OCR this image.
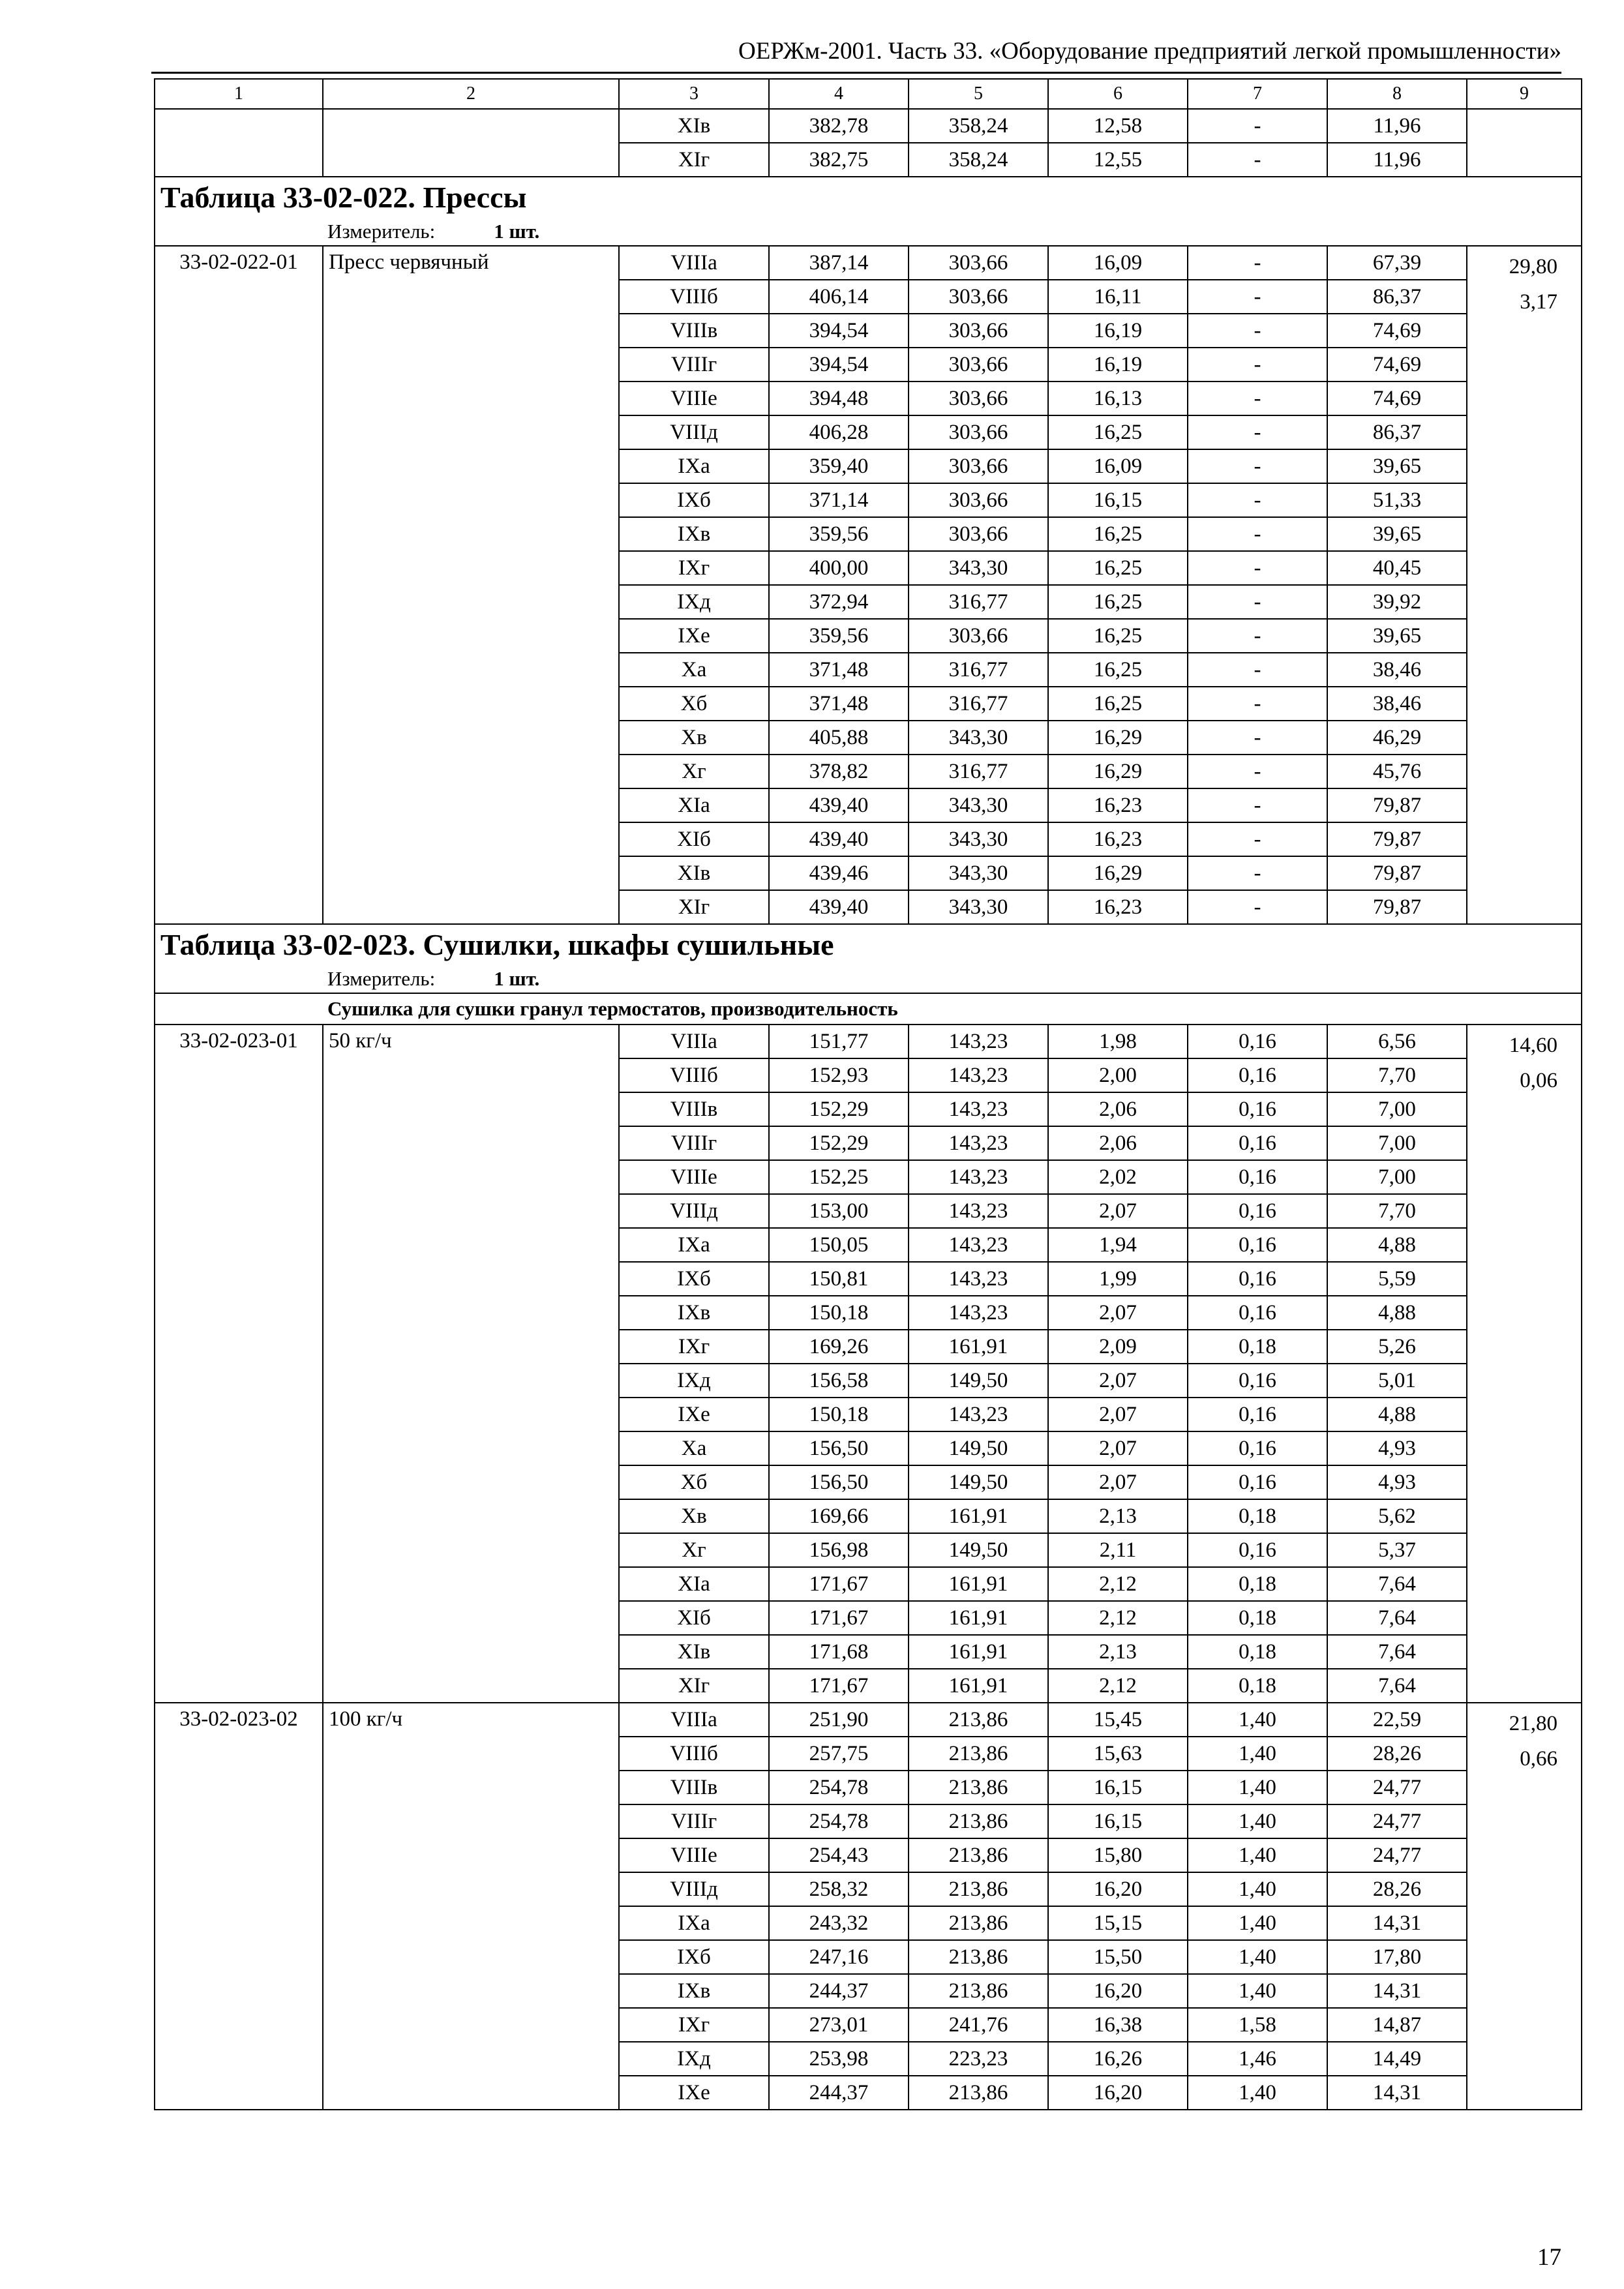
ОЕРЖм-2001. Часть 33. «Оборудование предприятий легкой промышленности»
1	2	3	4	5	6	7	8	9
		XIв	382,78	358,24	12,58	-	11,96	
		XIг	382,75	358,24	12,55	-	11,96	
Таблица 33-02-022. Прессы								
Измеритель: 1 шт.								
33-02-022-01	Пресс червячный	VIIIа	387,14	303,66	16,09	-	67,39	29,80
3,17

		VIIIб	406,14	303,66	16,11	-	86,37	
		VIIIв	394,54	303,66	16,19	-	74,69	
		VIIIг	394,54	303,66	16,19	-	74,69	
		VIIIе	394,48	303,66	16,13	-	74,69	
		VIIIд	406,28	303,66	16,25	-	86,37	
		IXа	359,40	303,66	16,09	-	39,65	
		IXб	371,14	303,66	16,15	-	51,33	
		IXв	359,56	303,66	16,25	-	39,65	
		IXг	400,00	343,30	16,25	-	40,45	
		IXд	372,94	316,77	16,25	-	39,92	
		IXе	359,56	303,66	16,25	-	39,65	
		Xа	371,48	316,77	16,25	-	38,46	
		Xб	371,48	316,77	16,25	-	38,46	
		Xв	405,88	343,30	16,29	-	46,29	
		Xг	378,82	316,77	16,29	-	45,76	
		XIа	439,40	343,30	16,23	-	79,87	
		XIб	439,40	343,30	16,23	-	79,87	
		XIв	439,46	343,30	16,29	-	79,87	
		XIг	439,40	343,30	16,23	-	79,87	
Таблица 33-02-023. Сушилки, шкафы сушильные								
Измеритель: 1 шт.								
Сушилка для сушки гранул термостатов, производительность								
33-02-023-01	50 кг/ч	VIIIа	151,77	143,23	1,98	0,16	6,56	14,60
0,06

		VIIIб	152,93	143,23	2,00	0,16	7,70	
		VIIIв	152,29	143,23	2,06	0,16	7,00	
		VIIIг	152,29	143,23	2,06	0,16	7,00	
		VIIIе	152,25	143,23	2,02	0,16	7,00	
		VIIIд	153,00	143,23	2,07	0,16	7,70	
		IXа	150,05	143,23	1,94	0,16	4,88	
		IXб	150,81	143,23	1,99	0,16	5,59	
		IXв	150,18	143,23	2,07	0,16	4,88	
		IXг	169,26	161,91	2,09	0,18	5,26	
		IXд	156,58	149,50	2,07	0,16	5,01	
		IXе	150,18	143,23	2,07	0,16	4,88	
		Xа	156,50	149,50	2,07	0,16	4,93	
		Xб	156,50	149,50	2,07	0,16	4,93	
		Xв	169,66	161,91	2,13	0,18	5,62	
		Xг	156,98	149,50	2,11	0,16	5,37	
		XIа	171,67	161,91	2,12	0,18	7,64	
		XIб	171,67	161,91	2,12	0,18	7,64	
		XIв	171,68	161,91	2,13	0,18	7,64	
		XIг	171,67	161,91	2,12	0,18	7,64	
33-02-023-02	100 кг/ч	VIIIа	251,90	213,86	15,45	1,40	22,59	21,80
0,66

		VIIIб	257,75	213,86	15,63	1,40	28,26	
		VIIIв	254,78	213,86	16,15	1,40	24,77	
		VIIIг	254,78	213,86	16,15	1,40	24,77	
		VIIIе	254,43	213,86	15,80	1,40	24,77	
		VIIIд	258,32	213,86	16,20	1,40	28,26	
		IXа	243,32	213,86	15,15	1,40	14,31	
		IXб	247,16	213,86	15,50	1,40	17,80	
		IXв	244,37	213,86	16,20	1,40	14,31	
		IXг	273,01	241,76	16,38	1,58	14,87	
		IXд	253,98	223,23	16,26	1,46	14,49	
		IXе	244,37	213,86	16,20	1,40	14,31	
17
